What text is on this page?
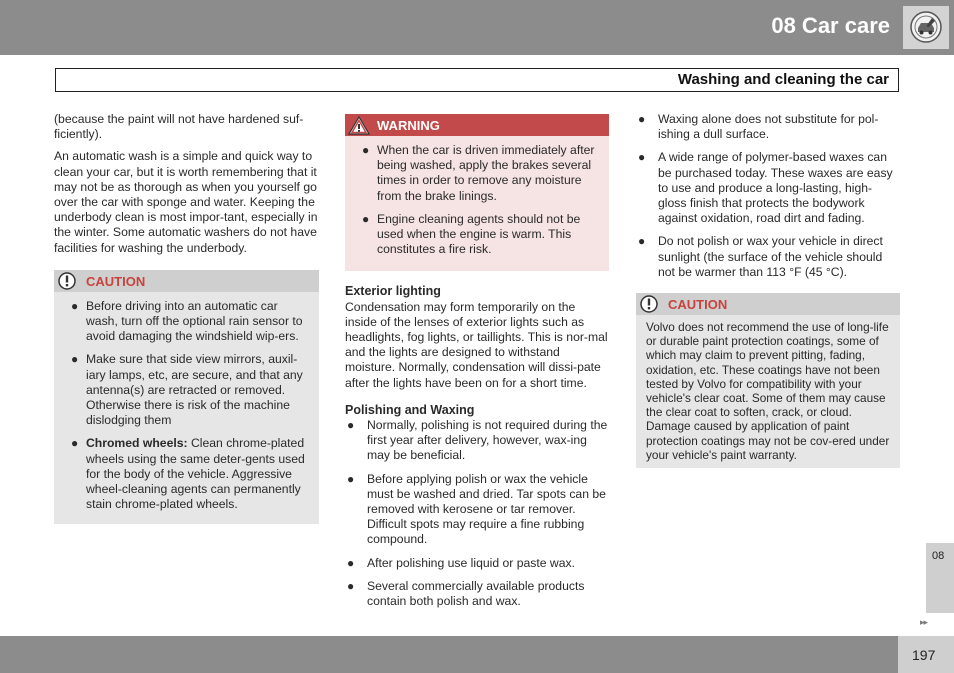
08 Car care
Washing and cleaning the car

(because the paint will not have hardened suf-ficiently).

An automatic wash is a simple and quick way to clean your car, but it is worth remembering that it may not be as thorough as when you yourself go over the car with sponge and water. Keeping the underbody clean is most impor-tant, especially in the winter. Some automatic washers do not have facilities for washing the underbody.

CAUTION
● Before driving into an automatic car wash, turn off the optional rain sensor to avoid damaging the windshield wip-ers.
● Make sure that side view mirrors, auxil-iary lamps, etc, are secure, and that any antenna(s) are retracted or removed. Otherwise there is risk of the machine dislodging them
● Chromed wheels: Clean chrome-plated wheels using the same deter-gents used for the body of the vehicle. Aggressive wheel-cleaning agents can permanently stain chrome-plated wheels.
WARNING
● When the car is driven immediately after being washed, apply the brakes several times in order to remove any moisture from the brake linings.
● Engine cleaning agents should not be used when the engine is warm. This constitutes a fire risk.
Exterior lighting

Condensation may form temporarily on the inside of the lenses of exterior lights such as headlights, fog lights, or taillights. This is nor-mal and the lights are designed to withstand moisture. Normally, condensation will dissi-pate after the lights have been on for a short time.

Polishing and Waxing
● Normally, polishing is not required during the first year after delivery, however, wax-ing may be beneficial.
● Before applying polish or wax the vehicle must be washed and dried. Tar spots can be removed with kerosene or tar remover. Difficult spots may require a fine rubbing compound.
● After polishing use liquid or paste wax.
● Several commercially available products contain both polish and wax.
● Waxing alone does not substitute for pol-ishing a dull surface.
● A wide range of polymer-based waxes can be purchased today. These waxes are easy to use and produce a long-lasting, high-gloss finish that protects the bodywork against oxidation, road dirt and fading.
● Do not polish or wax your vehicle in direct sunlight (the surface of the vehicle should not be warmer than 113 °F (45 °C).
CAUTION
Volvo does not recommend the use of long-life or durable paint protection coatings, some of which may claim to prevent pitting, fading, oxidation, etc. These coatings have not been tested by Volvo for compatibility with your vehicle's clear coat. Some of them may cause the clear coat to soften, crack, or cloud. Damage caused by application of paint protection coatings may not be cov-ered under your vehicle's paint warranty.
08
▸▸
197
